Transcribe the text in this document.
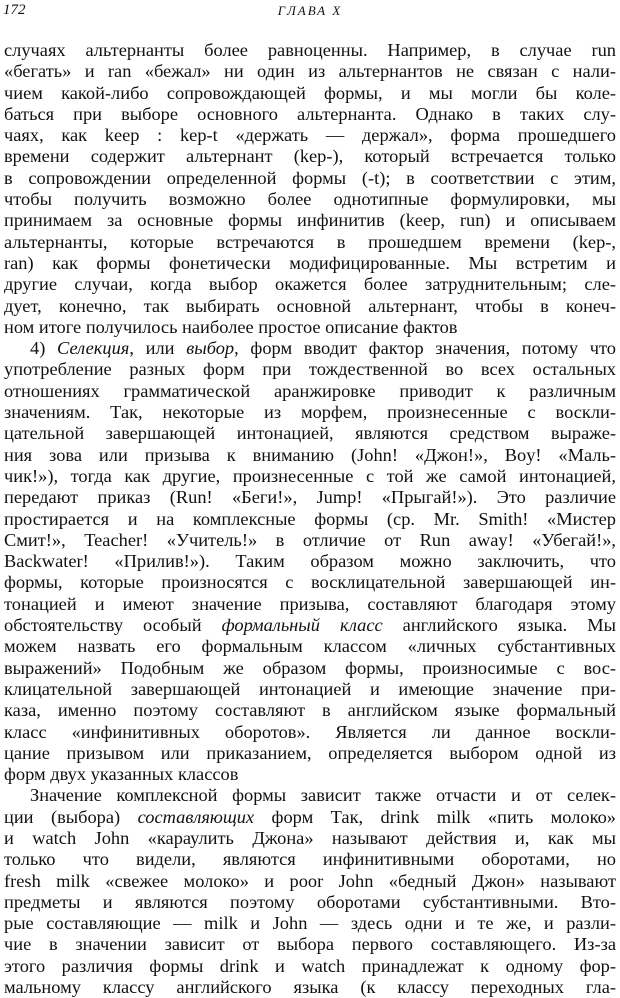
172	ГЛАВА X
случаях альтернанты более равноценны. Например, в случае run
«бегать» и ran «бежал» ни один из альтернантов не связан с нали-
чием какой-либо сопровождающей формы, и мы могли бы коле-
баться при выборе основного альтернанта. Однако в таких слу-
чаях, как keep : kep-t «держать — держал», форма прошедшего
времени содержит альтернант (kep-), который встречается только
в сопровождении определенной формы (-t); в соответствии с этим,
чтобы получить возможно более однотипные формулировки, мы
принимаем за основные формы инфинитив (keep, run) и описываем
альтернанты, которые встречаются в прошедшем времени (kep-,
ran) как формы фонетически модифицированные. Мы встретим и
другие случаи, когда выбор окажется более затруднительным; сле-
дует, конечно, так выбирать основной альтернант, чтобы в конеч-
ном итоге получилось наиболее простое описание фактов
4) Селекция, или выбор, форм вводит фактор значения, потому что
употребление разных форм при тождественной во всех остальных
отношениях грамматической аранжировке приводит к различным
значениям. Так, некоторые из морфем, произнесенные с воскли-
цательной завершающей интонацией, являются средством выраже-
ния зова или призыва к вниманию (John! «Джон!», Boy! «Маль-
чик!»), тогда как другие, произнесенные с той же самой интонацией,
передают приказ (Run! «Беги!», Jump! «Прыгай!»). Это различие
простирается и на комплексные формы (ср. Mr. Smith! «Мистер
Смит!», Teacher! «Учитель!» в отличие от Run away! «Убегай!»,
Backwater! «Прилив!»). Таким образом можно заключить, что
формы, которые произносятся с восклицательной завершающей ин-
тонацией и имеют значение призыва, составляют благодаря этому
обстоятельству особый формальный класс английского языка. Мы
можем назвать его формальным классом «личных субстантивных
выражений» Подобным же образом формы, произносимые с вос-
клицательной завершающей интонацией и имеющие значение при-
каза, именно поэтому составляют в английском языке формальный
класс «инфинитивных оборотов». Является ли данное воскли-
цание призывом или приказанием, определяется выбором одной из
форм двух указанных классов
Значение комплексной формы зависит также отчасти и от селек-
ции (выбора) составляющих форм Так, drink milk «пить молоко»
и watch John «караулить Джона» называют действия и, как мы
только что видели, являются инфинитивными оборотами, но
fresh milk «свежее молоко» и poor John «бедный Джон» называют
предметы и являются поэтому оборотами субстантивными. Вто-
рые составляющие — milk и John — здесь одни и те же, и разли-
чие в значении зависит от выбора первого составляющего. Из-за
этого различия формы drink и watch принадлежат к одному фор-
мальному классу английского языка (к классу переходных гла-
